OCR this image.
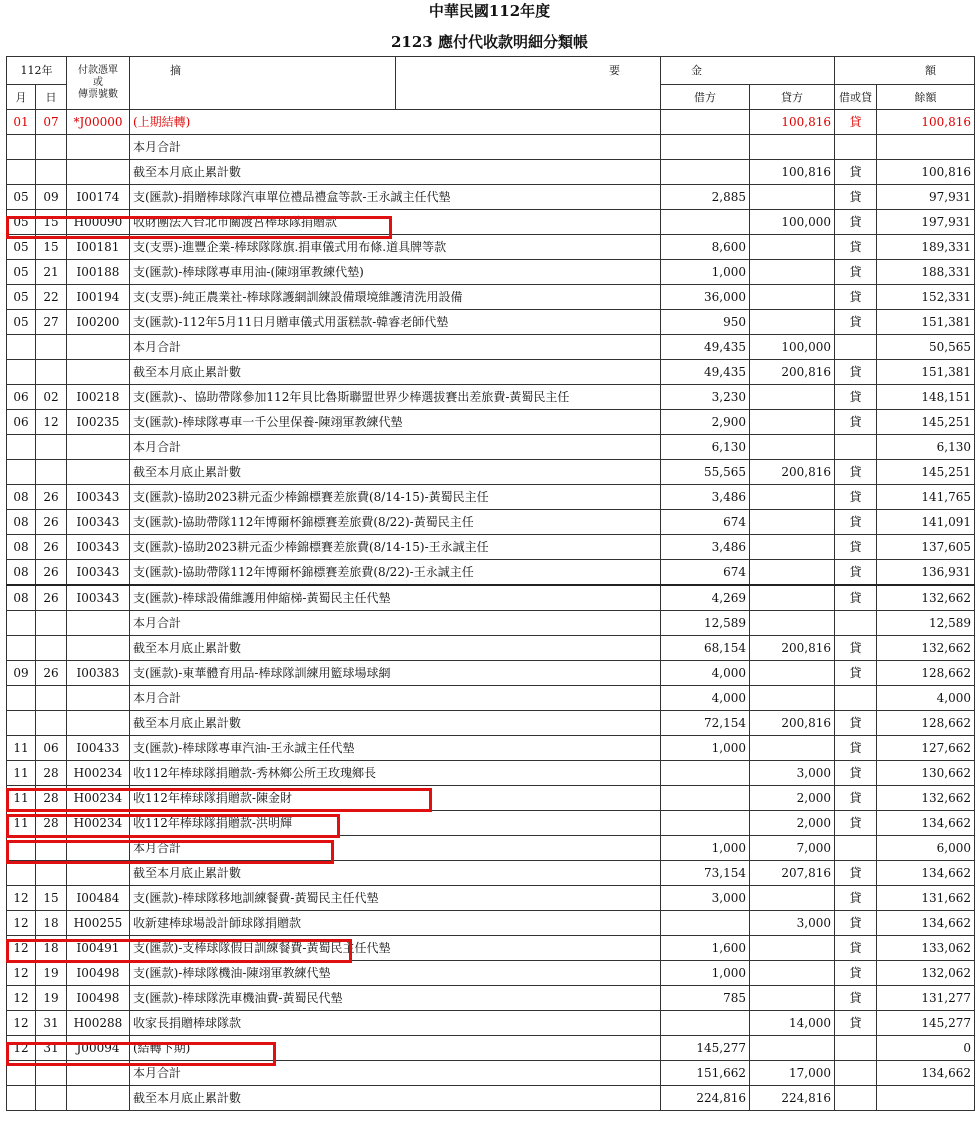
中華民國112年度
2123 應付代收款明細分類帳
112年		付款憑單
或
傳票號數	摘	要	金		額	
月	日				借方	貸方	借或貸	餘額
01	07	*J00000	(上期結轉)			100,816	貸	100,816
			本月合計					
			截至本月底止累計數			100,816	貸	100,816
05	09	I00174	支(匯款)-捐贈棒球隊汽車單位禮品禮盒等款-王永誠主任代墊		2,885		貸	97,931
05	15	H00090	收財團法人台北市關渡宮棒球隊捐贈款			100,000	貸	197,931
05	15	I00181	支(支票)-進豐企業-棒球隊隊旗.捐車儀式用布條.道具牌等款		8,600		貸	189,331
05	21	I00188	支(匯款)-棒球隊專車用油-(陳翊軍教練代墊)		1,000		貸	188,331
05	22	I00194	支(支票)-純正農業社-棒球隊護網訓練設備環境維護清洗用設備		36,000		貸	152,331
05	27	I00200	支(匯款)-112年5月11日月贈車儀式用蛋糕款-韓睿老師代墊		950		貸	151,381
			本月合計		49,435	100,000		50,565
			截至本月底止累計數		49,435	200,816	貸	151,381
06	02	I00218	支(匯款)-、協助帶隊參加112年貝比魯斯聯盟世界少棒選拔賽出差旅費-黃蜀民主任		3,230		貸	148,151
06	12	I00235	支(匯款)-棒球隊專車一千公里保養-陳翊軍教練代墊		2,900		貸	145,251
			本月合計		6,130			6,130
			截至本月底止累計數		55,565	200,816	貸	145,251
08	26	I00343	支(匯款)-協助2023耕元盃少棒錦標賽差旅費(8/14-15)-黃蜀民主任		3,486		貸	141,765
08	26	I00343	支(匯款)-協助帶隊112年博爾杯錦標賽差旅費(8/22)-黃蜀民主任		674		貸	141,091
08	26	I00343	支(匯款)-協助2023耕元盃少棒錦標賽差旅費(8/14-15)-王永誠主任		3,486		貸	137,605
08	26	I00343	支(匯款)-協助帶隊112年博爾杯錦標賽差旅費(8/22)-王永誠主任		674		貸	136,931
08	26	I00343	支(匯款)-棒球設備維護用伸縮梯-黃蜀民主任代墊		4,269		貸	132,662
			本月合計		12,589			12,589
			截至本月底止累計數		68,154	200,816	貸	132,662
09	26	I00383	支(匯款)-東華體育用品-棒球隊訓練用籃球場球網		4,000		貸	128,662
			本月合計		4,000			4,000
			截至本月底止累計數		72,154	200,816	貸	128,662
11	06	I00433	支(匯款)-棒球隊專車汽油-王永誠主任代墊		1,000		貸	127,662
11	28	H00234	收112年棒球隊捐贈款-秀林鄉公所王玫瑰鄉長			3,000	貸	130,662
11	28	H00234	收112年棒球隊捐贈款-陳金財			2,000	貸	132,662
11	28	H00234	收112年棒球隊捐贈款-洪明輝			2,000	貸	134,662
			本月合計		1,000	7,000		6,000
			截至本月底止累計數		73,154	207,816	貸	134,662
12	15	I00484	支(匯款)-棒球隊移地訓練餐費-黃蜀民主任代墊		3,000		貸	131,662
12	18	H00255	收新建棒球場設計師球隊捐贈款			3,000	貸	134,662
12	18	I00491	支(匯款)-支棒球隊假日訓練餐費-黃蜀民主任代墊		1,600		貸	133,062
12	19	I00498	支(匯款)-棒球隊機油-陳翊軍教練代墊		1,000		貸	132,062
12	19	I00498	支(匯款)-棒球隊洗車機油費-黃蜀民代墊		785		貸	131,277
12	31	H00288	收家長捐贈棒球隊款			14,000	貸	145,277
12	31	J00094	(結轉下期)		145,277			0
			本月合計		151,662	17,000		134,662
			截至本月底止累計數		224,816	224,816		
